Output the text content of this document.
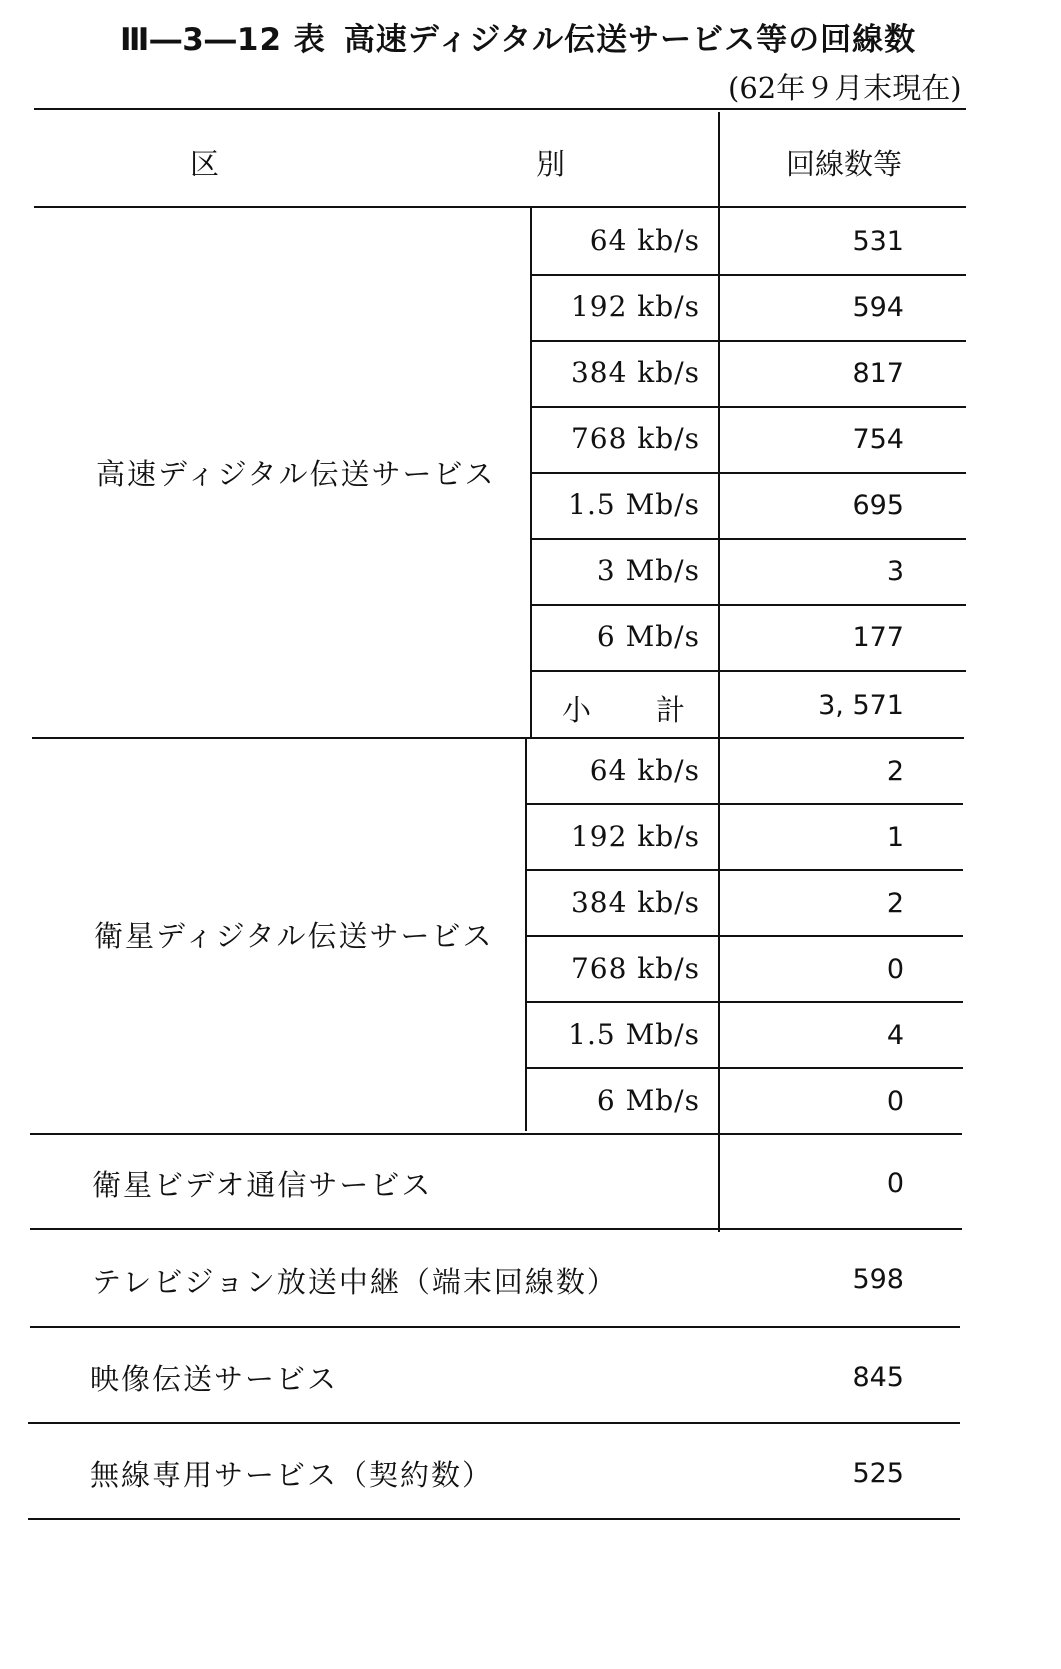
Ⅲ―3―12 表 高速ディジタル伝送サービス等の回線数
(62年９月末現在)
区	別	回線数等
高速ディジタル伝送サービス
64 kb/s	531
192 kb/s	594
384 kb/s	817
768 kb/s	754
1.5 Mb/s	695
3 Mb/s	3
6 Mb/s	177
小 計	3, 571
衛星ディジタル伝送サービス
64 kb/s	2
192 kb/s	1
384 kb/s	2
768 kb/s	0
1.5 Mb/s	4
6 Mb/s	0
衛星ビデオ通信サービス	0
テレビジョン放送中継（端末回線数）	598
映像伝送サービス	845
無線専用サービス（契約数）	525
